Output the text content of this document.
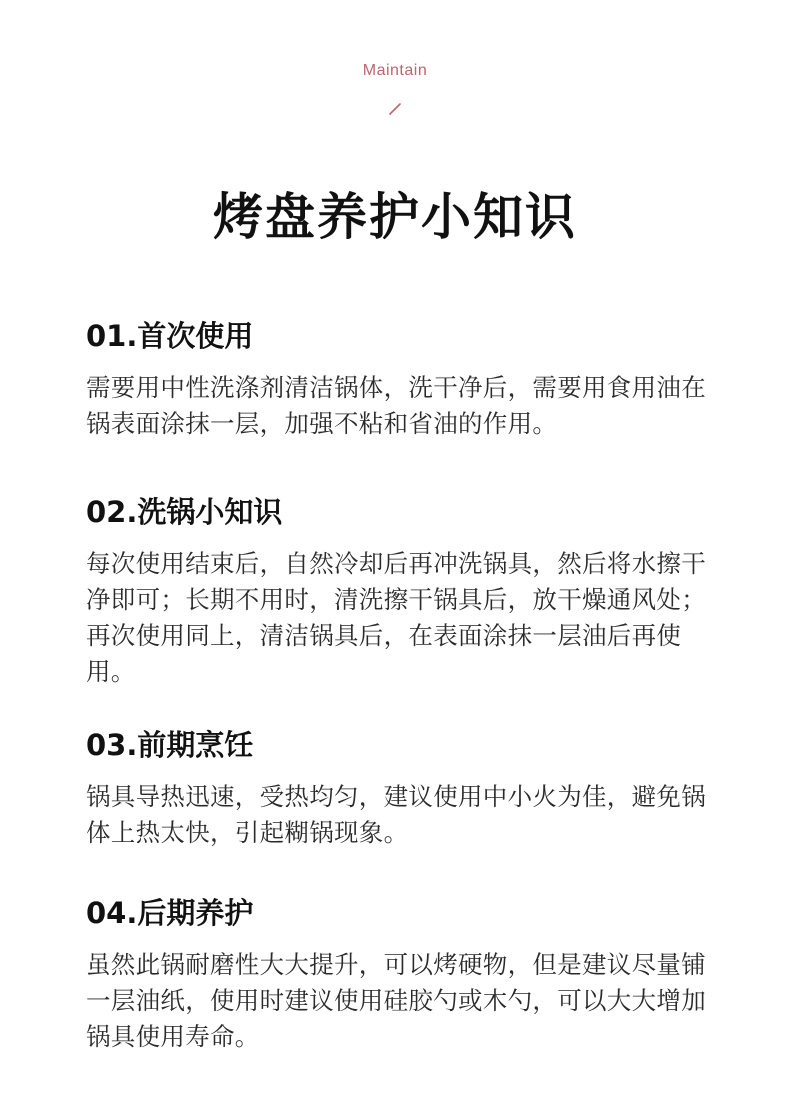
Maintain
烤盘养护小知识
01.首次使用

需要用中性洗涤剂清洁锅体，洗干净后，需要用食用油在锅表面涂抹一层，加强不粘和省油的作用。

02.洗锅小知识

每次使用结束后，自然冷却后再冲洗锅具，然后将水擦干净即可；长期不用时，清洗擦干锅具后，放干燥通风处；再次使用同上，清洁锅具后，在表面涂抹一层油后再使用。

03.前期烹饪

锅具导热迅速，受热均匀，建议使用中小火为佳，避免锅体上热太快，引起糊锅现象。

04.后期养护

虽然此锅耐磨性大大提升，可以烤硬物，但是建议尽量铺一层油纸，使用时建议使用硅胶勺或木勺，可以大大增加锅具使用寿命。
